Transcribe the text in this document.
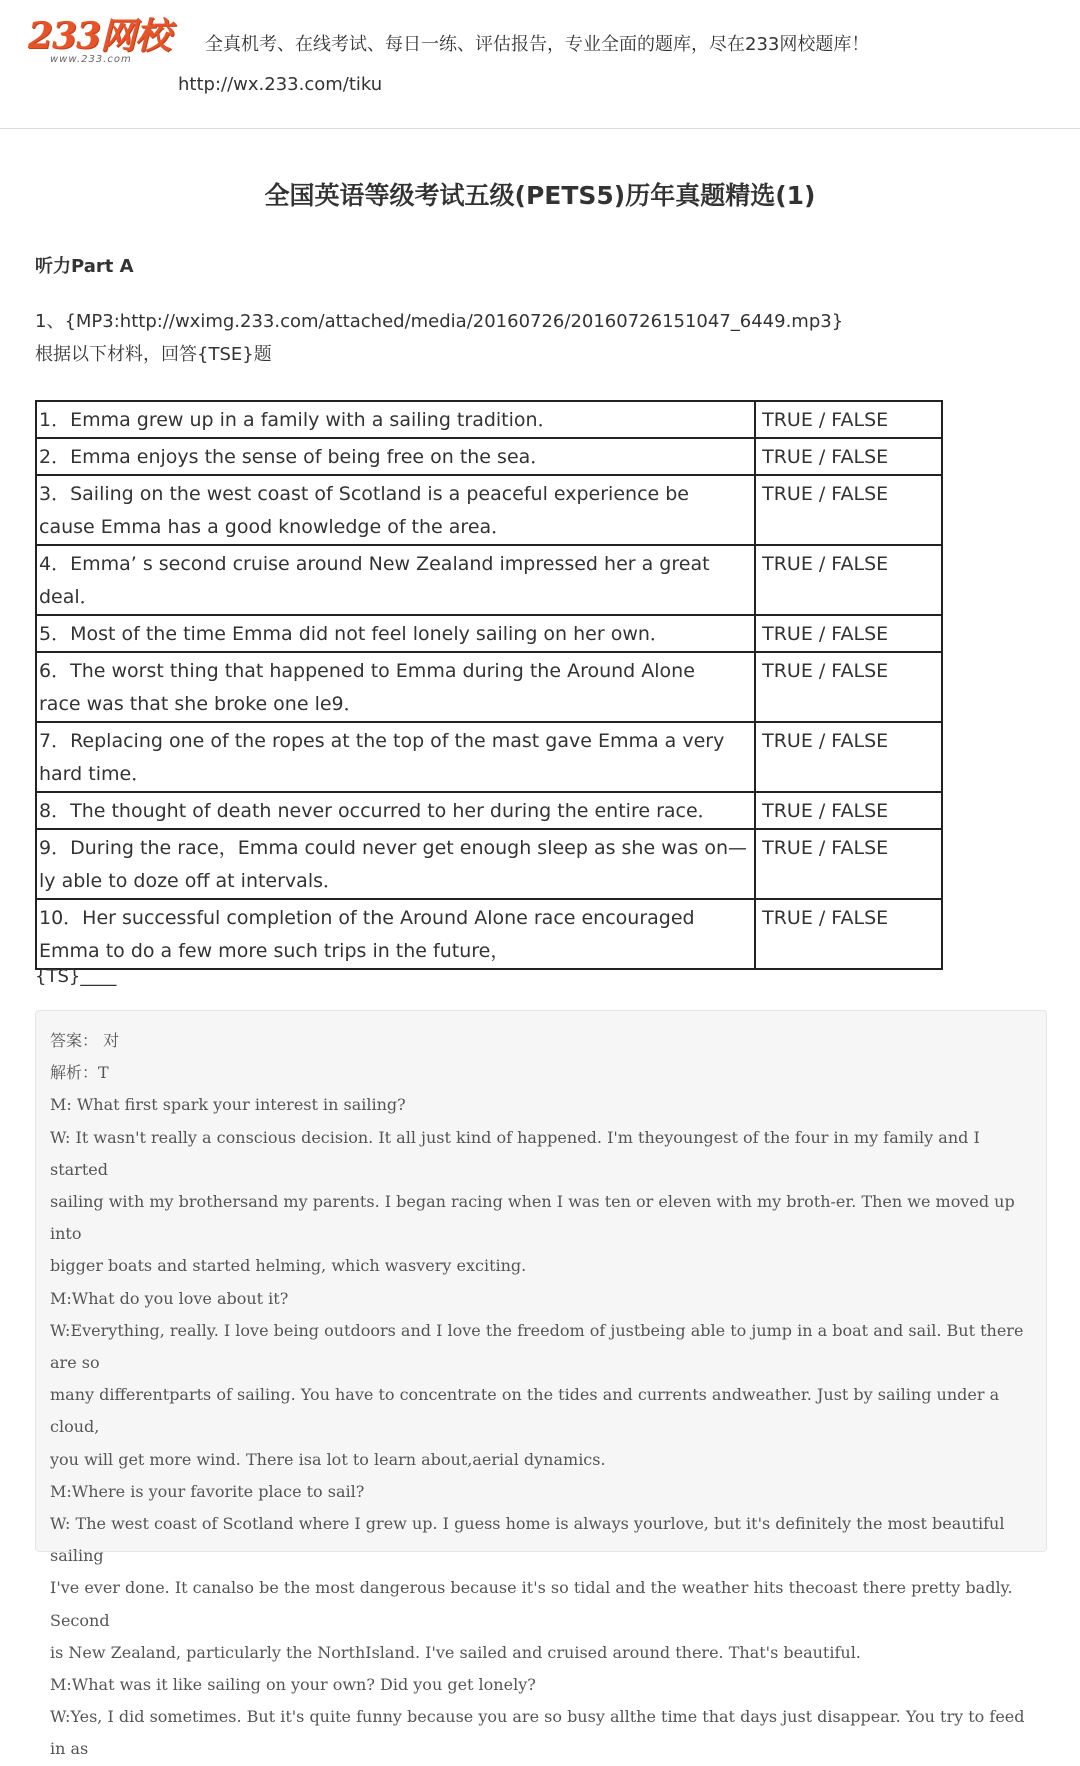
233网校
www.233.com
全真机考、在线考试、每日一练、评估报告，专业全面的题库，尽在233网校题库！
http://wx.233.com/tiku
全国英语等级考试五级(PETS5)历年真题精选(1)
听力Part A
1、{MP3:http://wximg.233.com/attached/media/20160726/20160726151047_6449.mp3}
根据以下材料，回答{TSE}题
1．Emma grew up in a family with a sailing tradition．	TRUE / FALSE

2．Emma enjoys the sense of being free on the sea．	TRUE / FALSE

3．Sailing on the west coast of Scotland is a peaceful experience be
cause Emma has a good knowledge of the area．	TRUE / FALSE

4．Emma’ s second cruise around New Zealand impressed her a great
deal．	TRUE / FALSE

5．Most of the time Emma did not feel lonely sailing on her own．	TRUE / FALSE

6．The worst thing that happened to Emma during the Around Alone
race was that she broke one le9．	TRUE / FALSE

7．Replacing one of the ropes at the top of the mast gave Emma a very
hard time．	TRUE / FALSE

8．The thought of death never occurred to her during the entire race．	TRUE / FALSE

9．During the race，Emma could never get enough sleep as she was on—
ly able to doze off at intervals．	TRUE / FALSE

10．Her successful completion of the Around Alone race encouraged
Emma to do a few more such trips in the future，	TRUE / FALSE
{TS}____

答案： 对

解析：T

M: What first spark your interest in sailing?

W: It wasn't really a conscious decision. It all just kind of happened. I'm theyoungest of the four in my family and I started

sailing with my brothersand my parents. I began racing when I was ten or eleven with my broth-er. Then we moved up into

bigger boats and started helming, which wasvery exciting.

M:What do you love about it?

W:Everything, really. I love being outdoors and I love the freedom of justbeing able to jump in a boat and sail. But there are so

many differentparts of sailing. You have to concentrate on the tides and currents andweather. Just by sailing under a cloud,

you will get more wind. There isa lot to learn about,aerial dynamics.

M:Where is your favorite place to sail?

W: The west coast of Scotland where I grew up. I guess home is always yourlove, but it's definitely the most beautiful sailing

I've ever done. It canalso be the most dangerous because it's so tidal and the weather hits thecoast there pretty badly. Second

is New Zealand, particularly the NorthIsland. I've sailed and cruised around there. That's beautiful.

M:What was it like sailing on your own? Did you get lonely?

W:Yes, I did sometimes. But it's quite funny because you are so busy allthe time that days just disappear. You try to feed in as
